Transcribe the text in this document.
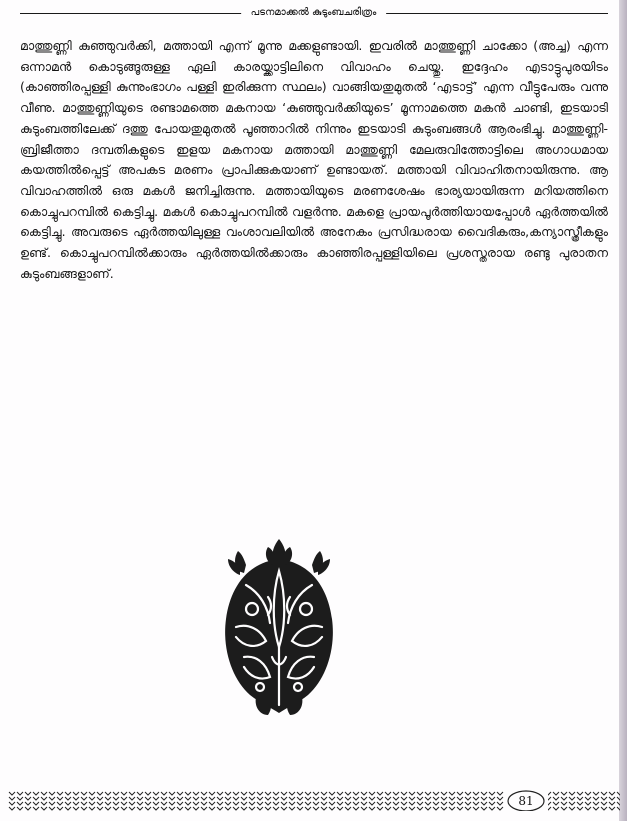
പടനമാക്കൽ കുടുംബചരിത്രം

മാത്തുണ്ണി കുഞ്ഞുവർക്കി, മത്തായി എന്ന് മൂന്നു മക്കളുണ്ടായി. ഇവരിൽ മാത്തുണ്ണി ചാക്കോ (അച്ച) എന്ന ഒന്നാമൻ കൊടുങ്ങൂരുള്ള ഏലി കാരയ്ക്കാട്ടിലിനെ വിവാഹം ചെയ്തു. ഇദ്ദേഹം എടാട്ടുപുരയിടം (കാഞ്ഞിരപ്പള്ളി കുന്നുംഭാഗം പള്ളി ഇരിക്കുന്ന സ്ഥലം) വാങ്ങിയതുമുതൽ ‘എടാട്ട്’ എന്ന വീട്ടുപേരും വന്നു വീണു. മാത്തുണ്ണിയുടെ രണ്ടാമത്തെ മകനായ ‘കുഞ്ഞുവർക്കിയുടെ’ മൂന്നാമത്തെ മകൻ ചാണ്ടി, ഇടയാടി കുടുംബത്തിലേക്ക് ദത്തു പോയതുമുതൽ പൂഞ്ഞാറിൽ നിന്നും ഇടയാടി കുടുംബങ്ങൾ ആരംഭിച്ചു. മാത്തുണ്ണി-ബ്രിജീത്താ ദമ്പതികളുടെ ഇളയ മകനായ മത്തായി മാത്തുണ്ണി മേലരുവിത്തോട്ടിലെ അഗാധമായ കയത്തിൽപ്പെട്ട് അപകട മരണം പ്രാപിക്കുകയാണ് ഉണ്ടായത്. മത്തായി വിവാഹിതനായിരുന്നു. ആ വിവാഹത്തിൽ ഒരു മകൾ ജനിച്ചിരുന്നു. മത്തായിയുടെ മരണശേഷം ഭാര്യയായിരുന്ന മറിയത്തിനെ കൊച്ചുപറമ്പിൽ കെട്ടിച്ചു. മകൾ കൊച്ചുപറമ്പിൽ വളർന്നു. മകളെ പ്രായപൂർത്തിയായപ്പോൾ ഏർത്തയിൽ കെട്ടിച്ചു. അവരുടെ ഏർത്തയിലുള്ള വംശാവലിയിൽ അനേകം പ്രസിദ്ധരായ വൈദികരും,കന്യാസ്ത്രീകളും ഉണ്ട്. കൊച്ചുപറമ്പിൽക്കാരും ഏർത്തയിൽക്കാരും കാഞ്ഞിരപ്പള്ളിയിലെ പ്രശസ്തരായ രണ്ടു പുരാതന കുടുംബങ്ങളാണ്.

81
